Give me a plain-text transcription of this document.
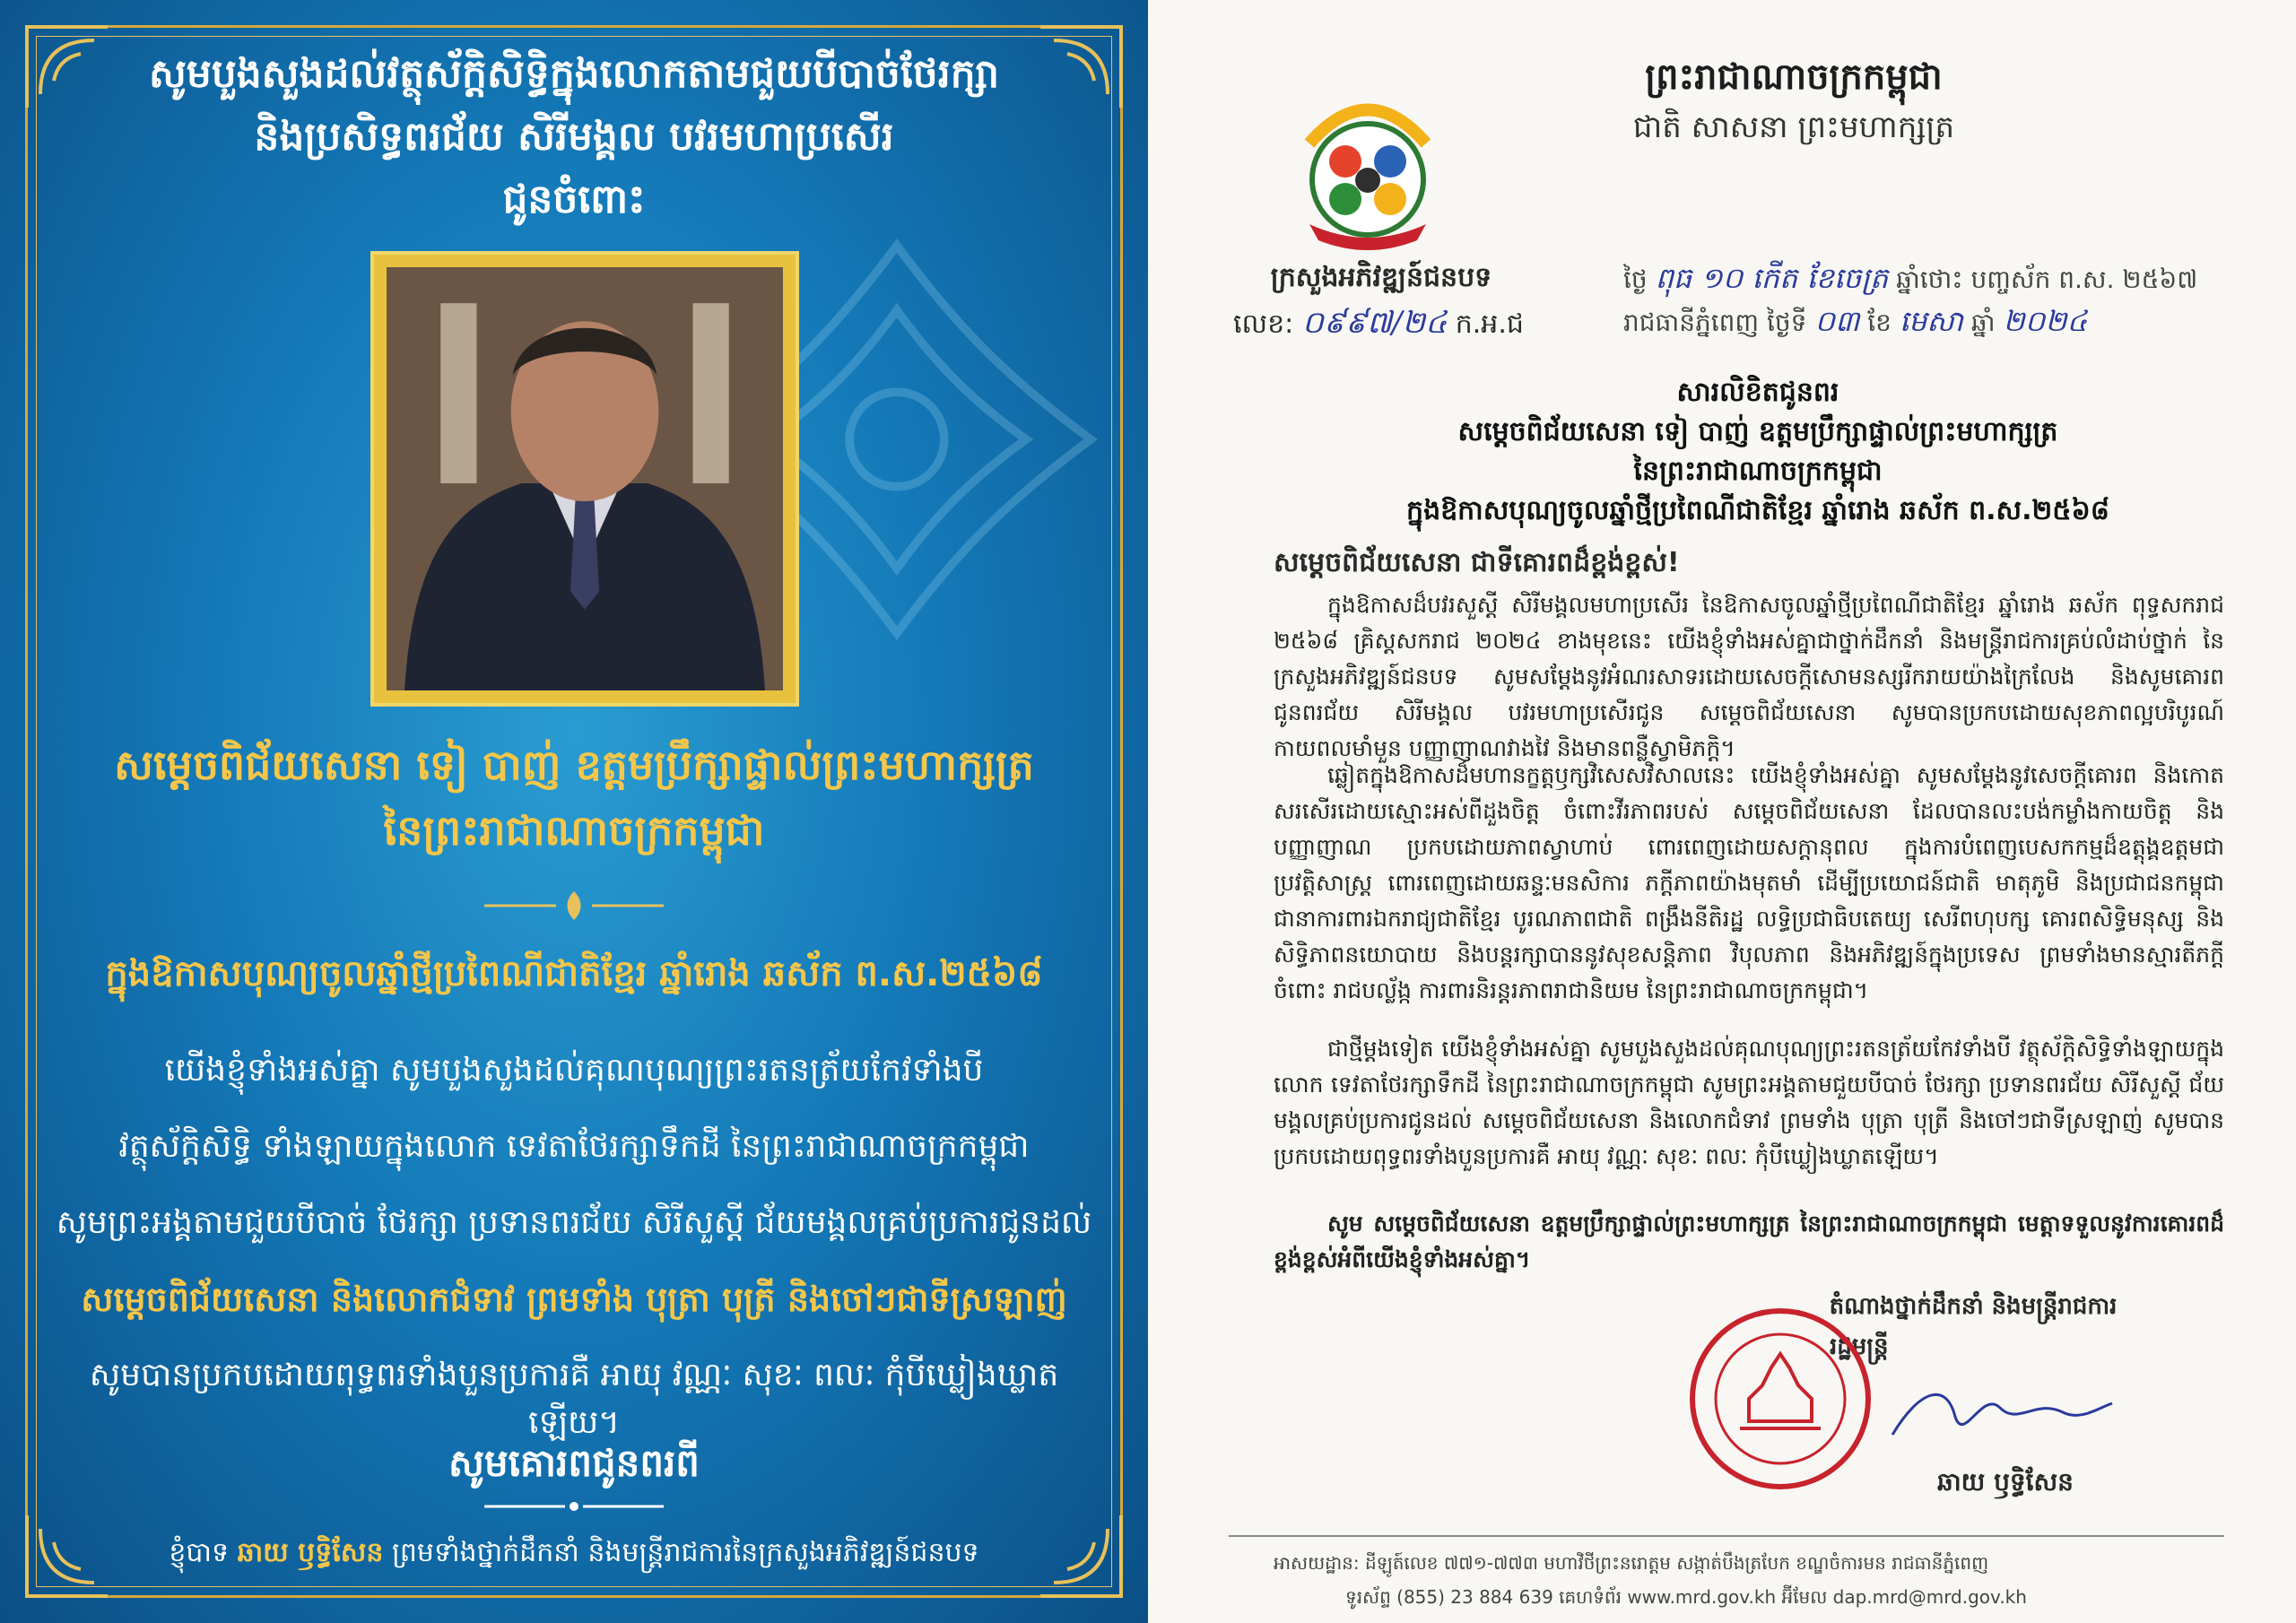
សូមបួងសួងដល់វត្ថុស័ក្តិសិទ្ធិក្នុងលោកតាមជួយបីបាច់ថែរក្សា
និងប្រសិទ្ធពរជ័យ សិរីមង្គល បវរមហាប្រសើរ
ជូនចំពោះ
សម្តេចពិជ័យសេនា ទៀ បាញ់ ឧត្តមប្រឹក្សាផ្ទាល់ព្រះមហាក្សត្រ
នៃព្រះរាជាណាចក្រកម្ពុជា
ក្នុងឱកាសបុណ្យចូលឆ្នាំថ្មីប្រពៃណីជាតិខ្មែរ ឆ្នាំរោង ឆស័ក ព.ស.២៥៦៨
យើងខ្ញុំទាំងអស់គ្នា សូមបួងសួងដល់គុណបុណ្យព្រះរតនត្រ័យកែវទាំងបី
វត្ថុស័ក្តិសិទ្ធិ ទាំងឡាយក្នុងលោក ទេវតាថែរក្សាទឹកដី នៃព្រះរាជាណាចក្រកម្ពុជា
សូមព្រះអង្គតាមជួយបីបាច់ ថែរក្សា ប្រទានពរជ័យ សិរីសួស្តី ជ័យមង្គលគ្រប់ប្រការជូនដល់
សម្តេចពិជ័យសេនា និងលោកជំទាវ ព្រមទាំង បុត្រា បុត្រី និងចៅៗជាទីស្រឡាញ់
សូមបានប្រកបដោយពុទ្ធពរទាំងបួនប្រការគឺ អាយុ វណ្ណៈ សុខៈ ពលៈ កុំបីឃ្លៀងឃ្លាតឡើយ។
សូមគោរពជូនពរពី
ខ្ញុំបាទ ឆាយ ឫទ្ធិសែន ព្រមទាំងថ្នាក់ដឹកនាំ និងមន្ត្រីរាជការនៃក្រសួងអភិវឌ្ឍន៍ជនបទ
ព្រះរាជាណាចក្រកម្ពុជា
ជាតិ សាសនា ព្រះមហាក្សត្រ
ក្រសួងអភិវឌ្ឍន៍ជនបទ
លេខ: ០៩៩៧/២៤ ក.អ.ជ
ថ្ងៃ ពុធ ១០ កើត ខែចេត្រ ឆ្នាំថោះ បញ្ចស័ក ព.ស. ២៥៦៧
រាជធានីភ្នំពេញ ថ្ងៃទី ០៣ ខែ មេសា ឆ្នាំ ២០២៤
សារលិខិតជូនពរ
សម្តេចពិជ័យសេនា ទៀ បាញ់ ឧត្តមប្រឹក្សាផ្ទាល់ព្រះមហាក្សត្រ
នៃព្រះរាជាណាចក្រកម្ពុជា
ក្នុងឱកាសបុណ្យចូលឆ្នាំថ្មីប្រពៃណីជាតិខ្មែរ ឆ្នាំរោង ឆស័ក ព.ស.២៥៦៨
សម្តេចពិជ័យសេនា ជាទីគោរពដ៏ខ្ពង់ខ្ពស់!
ក្នុងឱកាសដ៏បវរសួស្តី សិរីមង្គលមហាប្រសើរ នៃឱកាសចូលឆ្នាំថ្មីប្រពៃណីជាតិខ្មែរ ឆ្នាំរោង ឆស័ក ពុទ្ធសករាជ ២៥៦៨ គ្រិស្តសករាជ ២០២៤ ខាងមុខនេះ យើងខ្ញុំទាំងអស់គ្នាជាថ្នាក់ដឹកនាំ និងមន្ត្រីរាជការគ្រប់លំដាប់ថ្នាក់ នៃក្រសួងអភិវឌ្ឍន៍ជនបទ សូមសម្តែងនូវអំណរសាទរដោយសេចក្តីសោមនស្សរីករាយយ៉ាងក្រៃលែង និងសូមគោរពជូនពរជ័យ សិរីមង្គល បវរមហាប្រសើរជូន សម្តេចពិជ័យសេនា សូមបានប្រកបដោយសុខភាពល្អបរិបូរណ៍ កាយពលមាំមួន បញ្ញាញាណវាងវៃ និងមានពន្លឺស្វាមិភក្តិ។
ឆ្លៀតក្នុងឱកាសដ៏មហានក្ខត្តឫក្សវិសេសវិសាលនេះ យើងខ្ញុំទាំងអស់គ្នា សូមសម្តែងនូវសេចក្តីគោរព និងកោតសរសើរដោយស្មោះអស់ពីដួងចិត្ត ចំពោះវីរភាពរបស់ សម្តេចពិជ័យសេនា ដែលបានលះបង់កម្លាំងកាយចិត្ត និងបញ្ញាញាណ ប្រកបដោយភាពស្វាហាប់ ពោរពេញដោយសក្តានុពល ក្នុងការបំពេញបេសកកម្មដ៏ឧត្តុង្គឧត្តមជាប្រវត្តិសាស្ត្រ ពោរពេញដោយឆន្ទៈមនសិការ ភក្តីភាពយ៉ាងមុតមាំ ដើម្បីប្រយោជន៍ជាតិ មាតុភូមិ និងប្រជាជនកម្ពុជា ជានាការពារឯករាជ្យជាតិខ្មែរ បូរណភាពជាតិ ពង្រឹងនីតិរដ្ឋ លទ្ធិប្រជាធិបតេយ្យ សេរីពហុបក្ស គោរពសិទ្ធិមនុស្ស និងសិទ្ធិភាពនយោបាយ និងបន្តរក្សាបាននូវសុខសន្តិភាព វិបុលភាព និងអភិវឌ្ឍន៍ក្នុងប្រទេស ព្រមទាំងមានស្មារតីភក្តីចំពោះ រាជបល្ល័ង្ក ការពារនិរន្តរភាពរាជានិយម នៃព្រះរាជាណាចក្រកម្ពុជា។
ជាថ្មីម្តងទៀត យើងខ្ញុំទាំងអស់គ្នា សូមបួងសួងដល់គុណបុណ្យព្រះរតនត្រ័យកែវទាំងបី វត្ថុស័ក្តិសិទ្ធិទាំងឡាយក្នុងលោក ទេវតាថែរក្សាទឹកដី នៃព្រះរាជាណាចក្រកម្ពុជា សូមព្រះអង្គតាមជួយបីបាច់ ថែរក្សា ប្រទានពរជ័យ សិរីសួស្តី ជ័យមង្គលគ្រប់ប្រការជូនដល់ សម្តេចពិជ័យសេនា និងលោកជំទាវ ព្រមទាំង បុត្រា បុត្រី និងចៅៗជាទីស្រឡាញ់ សូមបានប្រកបដោយពុទ្ធពរទាំងបួនប្រការគឺ អាយុ វណ្ណៈ សុខៈ ពលៈ កុំបីឃ្លៀងឃ្លាតឡើយ។
សូម សម្តេចពិជ័យសេនា ឧត្តមប្រឹក្សាផ្ទាល់ព្រះមហាក្សត្រ នៃព្រះរាជាណាចក្រកម្ពុជា មេត្តាទទួលនូវការគោរពដ៏ខ្ពង់ខ្ពស់អំពីយើងខ្ញុំទាំងអស់គ្នា។
តំណាងថ្នាក់ដឹកនាំ និងមន្ត្រីរាជការ
រដ្ឋមន្ត្រី
ឆាយ ឫទ្ធិសែន
អាសយដ្ឋាន: ដីឡូត៍លេខ ៧៧១-៧៧៣ មហាវិថីព្រះនរោត្តម សង្កាត់បឹងត្របែក ខណ្ឌចំការមន រាជធានីភ្នំពេញ
ទូរស័ព្ទ (855) 23 884 639 គេហទំព័រ www.mrd.gov.kh អ៊ីមែល dap.mrd@mrd.gov.kh
